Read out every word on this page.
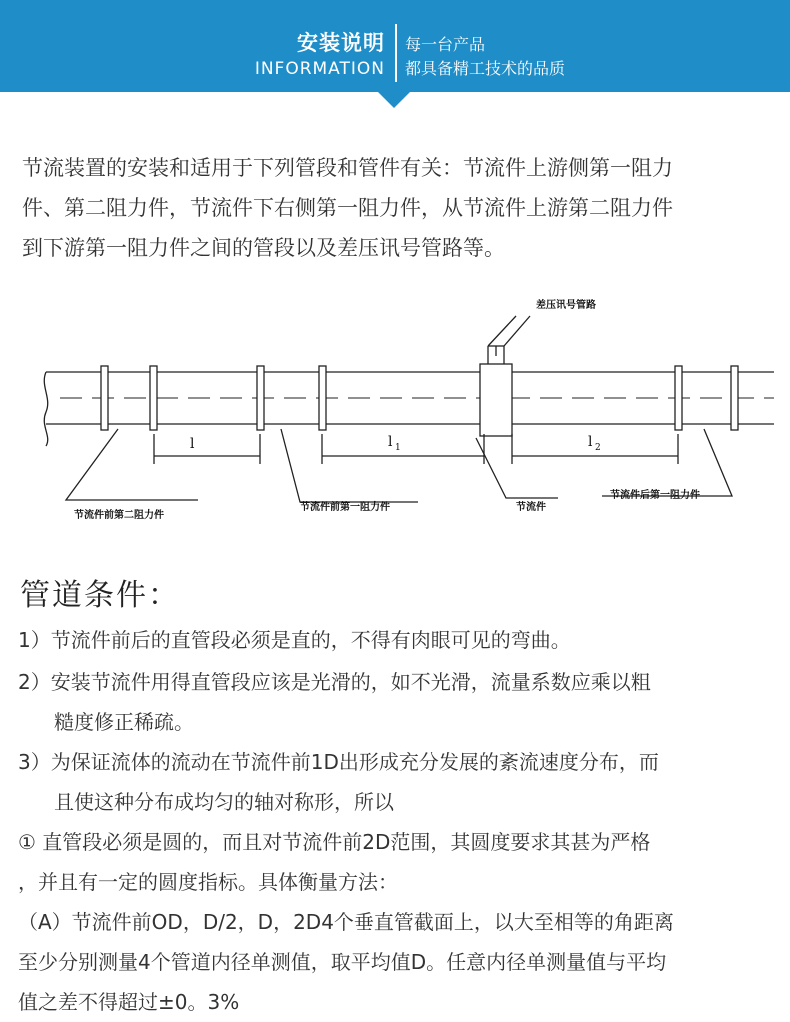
安装说明
INFORMATION
每一台产品
都具备精工技术的品质
节流装置的安装和适用于下列管段和管件有关：节流件上游侧第一阻力
件、第二阻力件，节流件下右侧第一阻力件，从节流件上游第二阻力件
到下游第一阻力件之间的管段以及差压讯号管路等。
差压讯号管路
节流件前第二阻力件
节流件前第一阻力件	节流件
节流件后第一阻力件
l	l 1	l 2
管道条件：
1）节流件前后的直管段必须是直的，不得有肉眼可见的弯曲。
2）安装节流件用得直管段应该是光滑的，如不光滑，流量系数应乘以粗
糙度修正稀疏。
3）为保证流体的流动在节流件前1D出形成充分发展的紊流速度分布，而
且使这种分布成均匀的轴对称形，所以
① 直管段必须是圆的，而且对节流件前2D范围，其圆度要求其甚为严格
，并且有一定的圆度指标。具体衡量方法：
（A）节流件前OD，D/2，D，2D4个垂直管截面上，以大至相等的角距离
至少分别测量4个管道内径单测值，取平均值D。任意内径单测量值与平均
值之差不得超过±0。3%
